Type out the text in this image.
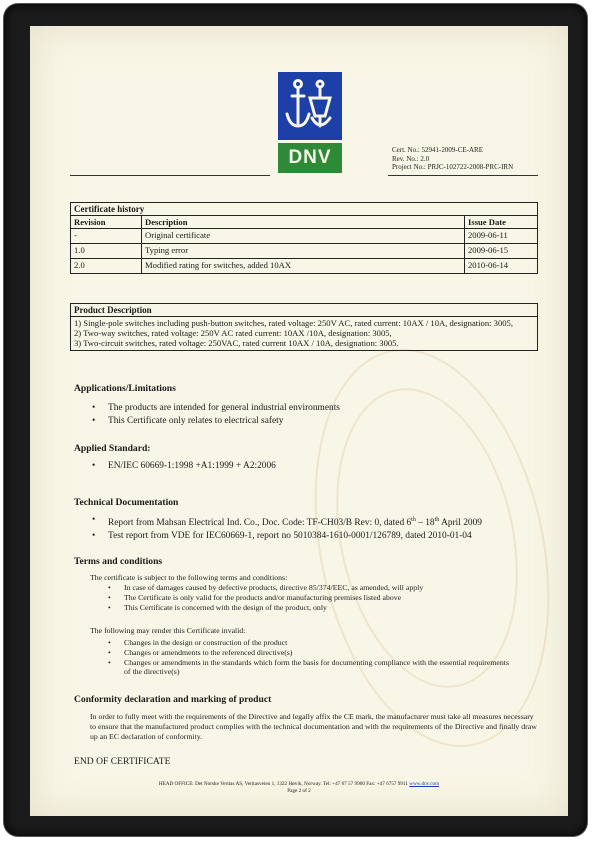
DNV	Cert. No.: 52941-2009-CE-ARE
Rev. No.: 2.0
Project No.: PRJC-102722-2008-PRC-IRN
Certificate history		
Revision	Description	Issue Date
-	Original certificate	2009-06-11
1.0	Typing error	2009-06-15
2.0	Modified rating for switches, added 10AX	2010-06-14
Product Description

1) Single-pole switches including push-button switches, rated voltage: 250V AC, rated current: 10AX / 10A, designation: 3005,
2) Two-way switches, rated voltage: 250V AC rated current: 10AX /10A, designation: 3005,
3) Two-circuit switches, rated voltage: 250VAC, rated current 10AX / 10A, designation: 3005.
Applications/Limitations
• The products are intended for general industrial environments
• This Certificate only relates to electrical safety
Applied Standard:
• EN/IEC 60669-1:1998 +A1:1999 + A2:2006
Technical Documentation
• Report from Mahsan Electrical Ind. Co., Doc. Code: TF-CH03/B Rev: 0, dated 6th – 18th April 2009
• Test report from VDE for IEC60669-1, report no 5010384-1610-0001/126789, dated 2010-01-04
Terms and conditions
The certificate is subject to the following terms and conditions:
• In case of damages caused by defective products, directive 85/374/EEC, as amended, will apply
• The Certificate is only valid for the products and/or manufacturing premises listed above
• This Certificate is concerned with the design of the product, only
The following may render this Certificate invalid:
• Changes in the design or construction of the product
• Changes or amendments to the referenced directive(s)
• Changes or amendments in the standards which form the basis for documenting compliance with the essential requirements of the directive(s)
Conformity declaration and marking of product
In order to fully meet with the requirements of the Directive and legally affix the CE mark, the manufacturer must take all measures necessary to ensure that the manufactured product complies with the technical documentation and with the requirements of the Directive and finally draw up an EC declaration of conformity.
END OF CERTIFICATE
HEAD OFFICE: Det Norske Veritas AS, Veritasveien 1, 1322 Høvik, Norway. Tel: +47 67 57 9900 Fax: +47 6757 9911 www.dnv.com
Page 2 of 2
